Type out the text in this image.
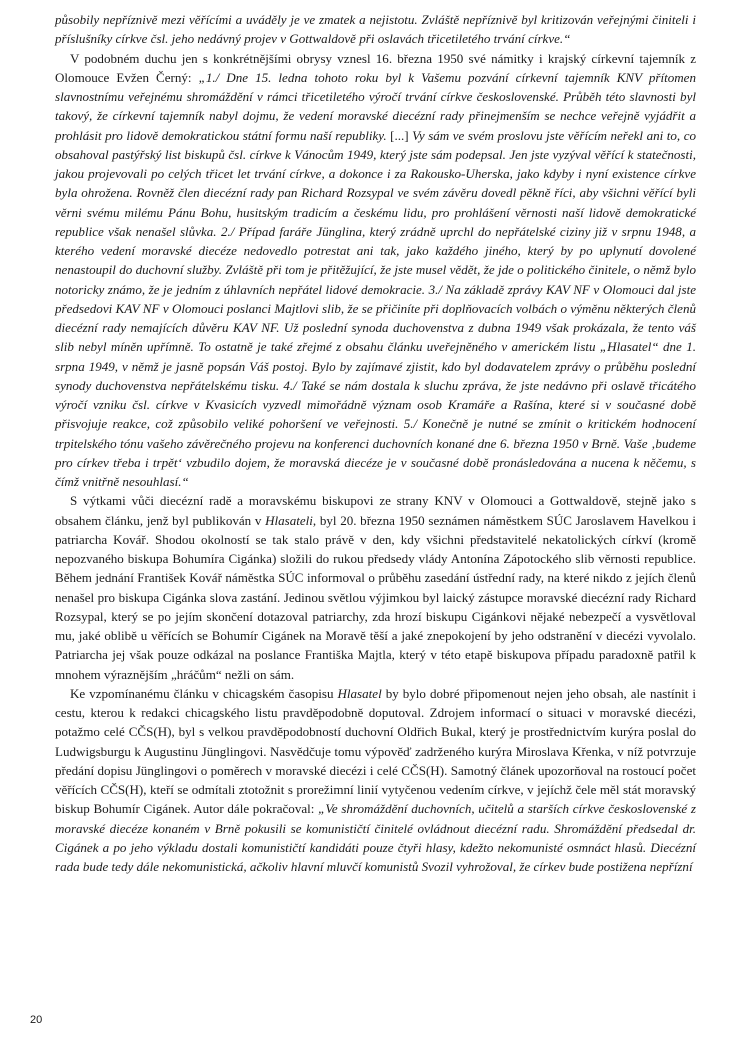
působily nepříznivě mezi věřícími a uváděly je ve zmatek a nejistotu. Zvláště nepříznivě byl kritizován veřejnými činiteli i příslušníky církve čsl. jeho nedávný projev v Gottwaldově při oslavách třicetiletého trvání církve.“

V podobném duchu jen s konkrétnějšími obrysy vznesl 16. března 1950 své námitky i krajský církevní tajemník z Olomouce Evžen Černý: „1./ Dne 15. ledna tohoto roku byl k Vašemu pozvání církevní tajemník KNV přítomen slavnostnímu veřejnému shromáždění v rámci třicetiletého výročí trvání církve československé. Průběh této slavnosti byl takový, že církevní tajemník nabyl dojmu, že vedení moravské diecézní rady přinejmenším se nechce veřejně vyjádřit a prohlásit pro lidově demokratickou státní formu naší republiky. [...] Vy sám ve svém proslovu jste věřícím neřekl ani to, co obsahoval pastýřský list biskupů čsl. církve k Vánocům 1949, který jste sám podepsal. Jen jste vyzýval věřící k statečnosti, jakou projevovali po celých třicet let trvání církve, a dokonce i za Rakousko-Uherska, jako kdyby i nyní existence církve byla ohrožena. Rovněž člen diecézní rady pan Richard Rozsypal ve svém závěru dovedl pěkně říci, aby všichni věřící byli věrni svému milému Pánu Bohu, husitským tradicím a českému lidu, pro prohlášení věrnosti naší lidově demokratické republice však nenašel slůvka. 2./ Případ faráře Jünglina, který zrádně uprchl do nepřátelské ciziny již v srpnu 1948, a kterého vedení moravské diecéze nedovedlo potrestat ani tak, jako každého jiného, který by po uplynutí dovolené nenastoupil do duchovní služby. Zvláště při tom je přitěžující, že jste musel vědět, že jde o politického činitele, o němž bylo notoricky známo, že je jedním z úhlavních nepřátel lidové demokracie. 3./ Na základě zprávy KAV NF v Olomouci dal jste předsedovi KAV NF v Olomouci poslanci Majtlovi slib, že se přičiníte při doplňovacích volbách o výměnu některých členů diecézní rady nemajících důvěru KAV NF. Už poslední synoda duchovenstva z dubna 1949 však prokázala, že tento váš slib nebyl míněn upřímně. To ostatně je také zřejmé z obsahu článku uveřejněného v americkém listu „Hlasatel“ dne 1. srpna 1949, v němž je jasně popsán Váš postoj. Bylo by zajímavé zjistit, kdo byl dodavatelem zprávy o průběhu poslední synody duchovenstva nepřátelskému tisku. 4./ Také se nám dostala k sluchu zpráva, že jste nedávno při oslavě třicátého výročí vzniku čsl. církve v Kvasicích vyzvedl mimořádně význam osob Kramáře a Rašína, které si v současné době přisvojuje reakce, což způsobilo veliké pohoršení ve veřejnosti. 5./ Konečně je nutné se zmínit o kritickém hodnocení trpitelského tónu vašeho závěrečného projevu na konferenci duchovních konané dne 6. března 1950 v Brně. Vaše ‚budeme pro církev třeba i trpět‘ vzbudilo dojem, že moravská diecéze je v současné době pronásledována a nucena k něčemu, s čímž vnitřně nesouhlasí.“

S výtkami vůči diecézní radě a moravskému biskupovi ze strany KNV v Olomouci a Gottwaldově, stejně jako s obsahem článku, jenž byl publikován v Hlasateli, byl 20. března 1950 seznámen náměstkem SÚC Jaroslavem Havelkou i patriarcha Kovář. Shodou okolností se tak stalo právě v den, kdy všichni představitelé nekatolických církví (kromě nepozvaného biskupa Bohumíra Cigánka) složili do rukou předsedy vlády Antonína Zápotockého slib věrnosti republice. Během jednání František Kovář náměstka SÚC informoval o průběhu zasedání ústřední rady, na které nikdo z jejích členů nenašel pro biskupa Cigánka slova zastání. Jedinou světlou výjimkou byl laický zástupce moravské diecézní rady Richard Rozsypal, který se po jejím skončení dotazoval patriarchy, zda hrozí biskupu Cigánkovi nějaké nebezpečí a vysvětloval mu, jaké oblibě u věřících se Bohumír Cigánek na Moravě těší a jaké znepokojení by jeho odstranění v diecézi vyvolalo. Patriarcha jej však pouze odkázal na poslance Františka Majtla, který v této etapě biskupova případu paradoxně patřil k mnohem výraznějším „hráčům“ nežli on sám.

Ke vzpomínanému článku v chicagském časopisu Hlasatel by bylo dobré připomenout nejen jeho obsah, ale nastínit i cestu, kterou k redakci chicagského listu pravděpodobně doputoval. Zdrojem informací o situaci v moravské diecézi, potažmo celé CČS(H), byl s velkou pravděpodobností duchovní Oldřich Bukal, který je prostřednictvím kurýra poslal do Ludwigsburgu k Augustinu Jünglingovi. Nasvědčuje tomu výpověď zadrženého kurýra Miroslava Křenka, v níž potvrzuje předání dopisu Jünglingovi o poměrech v moravské diecézi i celé CČS(H). Samotný článek upozorňoval na rostoucí počet věřících CČS(H), kteří se odmítali ztotožnit s prorežimní linií vytyčenou vedením církve, v jejíchž čele měl stát moravský biskup Bohumír Cigánek. Autor dále pokračoval: „Ve shromáždění duchovních, učitelů a starších církve československé z moravské diecéze konaném v Brně pokusili se komunističtí činitelé ovládnout diecézní radu. Shromáždění předsedal dr. Cigánek a po jeho výkladu dostali komunističtí kandidáti pouze čtyři hlasy, kdežto nekomunisté osmnáct hlasů. Diecézní rada bude tedy dále nekomunistická, ačkoliv hlavní mluvčí komunistů Svozil vyhrožoval, že církev bude postižena nepřízní

20
